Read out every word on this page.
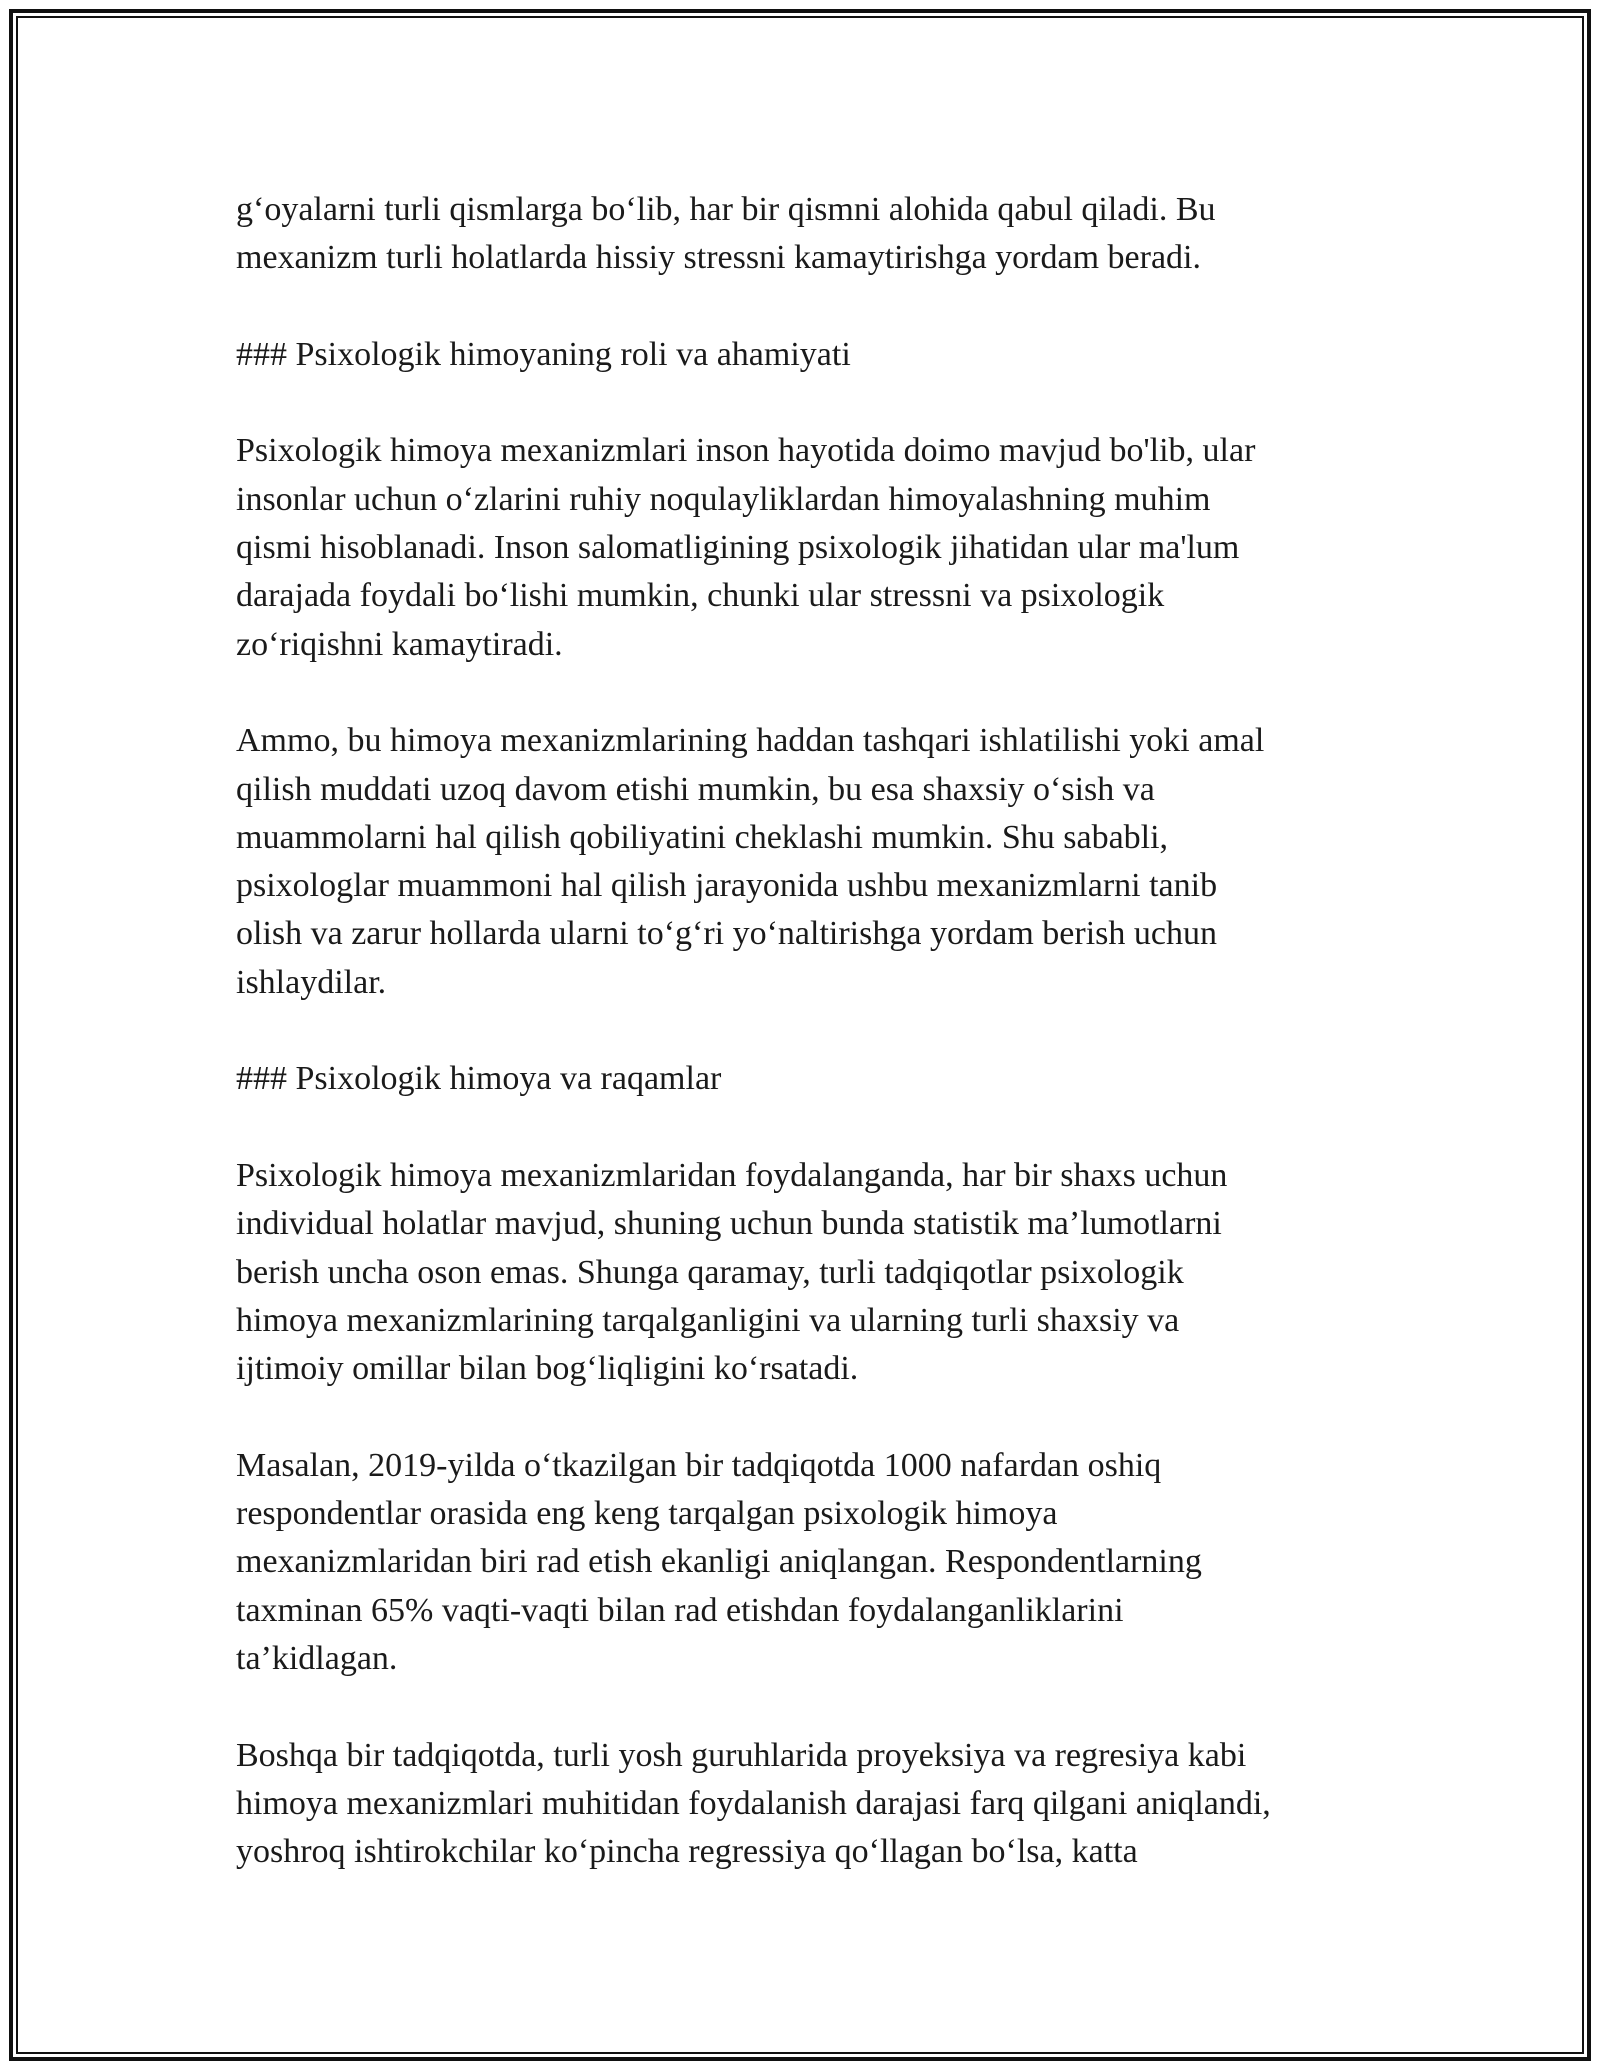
gʻoyalarni turli qismlarga boʻlib, har bir qismni alohida qabul qiladi. Bu
mexanizm turli holatlarda hissiy stressni kamaytirishga yordam beradi.

### Psixologik himoyaning roli va ahamiyati

Psixologik himoya mexanizmlari inson hayotida doimo mavjud bo'lib, ular
insonlar uchun oʻzlarini ruhiy noqulayliklardan himoyalashning muhim
qismi hisoblanadi. Inson salomatligining psixologik jihatidan ular ma'lum
darajada foydali boʻlishi mumkin, chunki ular stressni va psixologik
zoʻriqishni kamaytiradi.

Ammo, bu himoya mexanizmlarining haddan tashqari ishlatilishi yoki amal
qilish muddati uzoq davom etishi mumkin, bu esa shaxsiy oʻsish va
muammolarni hal qilish qobiliyatini cheklashi mumkin. Shu sababli,
psixologlar muammoni hal qilish jarayonida ushbu mexanizmlarni tanib
olish va zarur hollarda ularni toʻgʻri yoʻnaltirishga yordam berish uchun
ishlaydilar.

### Psixologik himoya va raqamlar

Psixologik himoya mexanizmlaridan foydalanganda, har bir shaxs uchun
individual holatlar mavjud, shuning uchun bunda statistik ma’lumotlarni
berish uncha oson emas. Shunga qaramay, turli tadqiqotlar psixologik
himoya mexanizmlarining tarqalganligini va ularning turli shaxsiy va
ijtimoiy omillar bilan bogʻliqligini koʻrsatadi.

Masalan, 2019-yilda oʻtkazilgan bir tadqiqotda 1000 nafardan oshiq
respondentlar orasida eng keng tarqalgan psixologik himoya
mexanizmlaridan biri rad etish ekanligi aniqlangan. Respondentlarning
taxminan 65% vaqti-vaqti bilan rad etishdan foydalanganliklarini
ta’kidlagan.

Boshqa bir tadqiqotda, turli yosh guruhlarida proyeksiya va regresiya kabi
himoya mexanizmlari muhitidan foydalanish darajasi farq qilgani aniqlandi,
yoshroq ishtirokchilar koʻpincha regressiya qoʻllagan boʻlsa, katta
